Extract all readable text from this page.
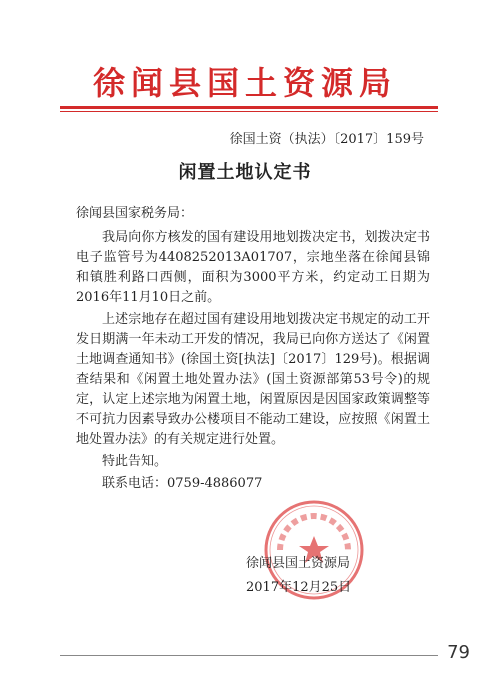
徐闻县国土资源局
徐国土资（执法）〔2017〕159号
闲置土地认定书

徐闻县国家税务局：

我局向你方核发的国有建设用地划拨决定书，划拨决定书电子监管号为4408252013A01707，宗地坐落在徐闻县锦和镇胜利路口西侧，面积为3000平方米，约定动工日期为2016年11月10日之前。

上述宗地存在超过国有建设用地划拨决定书规定的动工开发日期满一年未动工开发的情况，我局已向你方送达了《闲置土地调查通知书》(徐国土资[执法]〔2017〕129号)。根据调查结果和《闲置土地处置办法》(国土资源部第53号令)的规定，认定上述宗地为闲置土地，闲置原因是因国家政策调整等不可抗力因素导致办公楼项目不能动工建设，应按照《闲置土地处置办法》的有关规定进行处置。

特此告知。

联系电话：0759-4886077

徐闻县国土资源局
2017年12月25日
79
